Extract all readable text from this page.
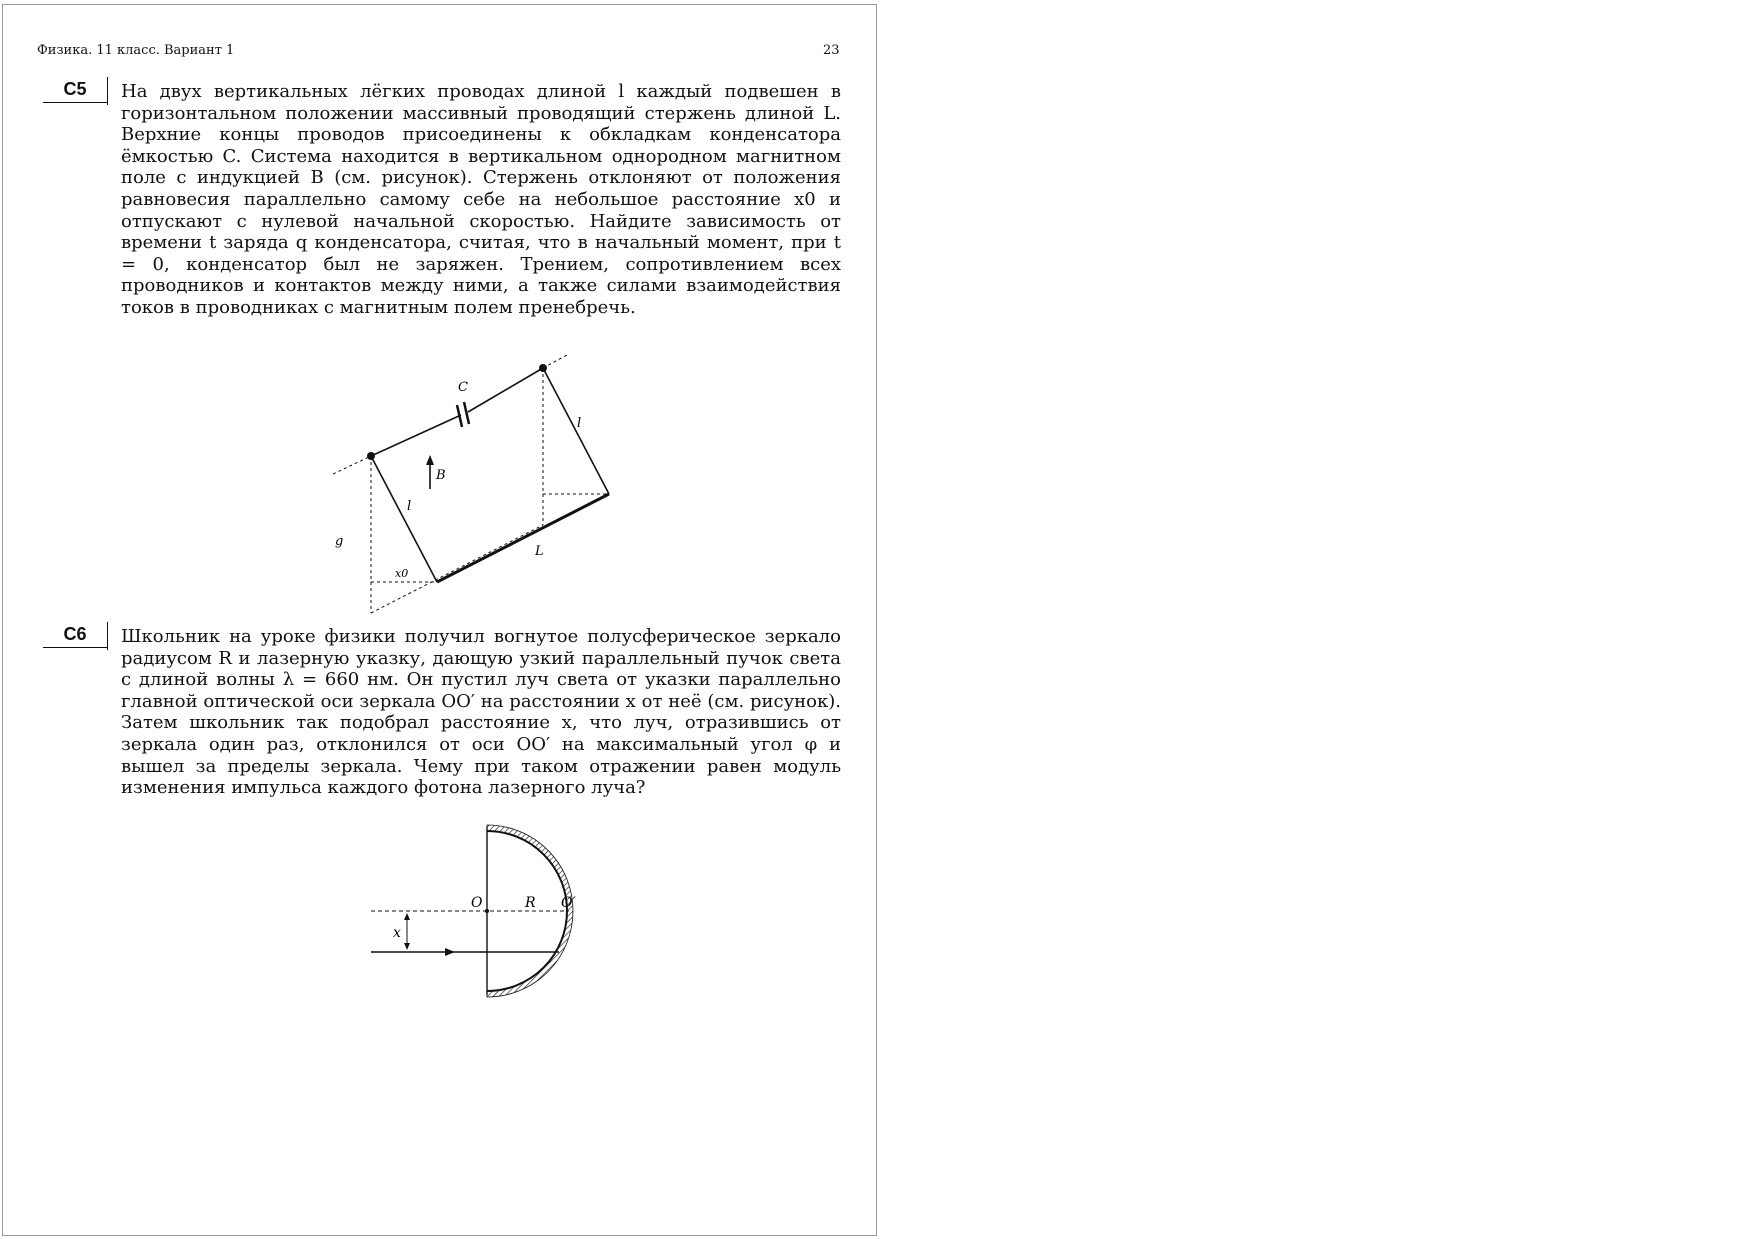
Физика. 11 класс. Вариант 1	23
C5	На двух вертикальных лёгких проводах длиной l каждый подвешен в горизонтальном положении массивный проводящий стержень длиной L. Верхние концы проводов присоединены к обкладкам конденсатора ёмкостью C. Система находится в вертикальном однородном магнитном поле с индукцией B (см. рисунок). Стержень отклоняют от положения равновесия параллельно самому себе на небольшое расстояние x0 и отпускают с нулевой начальной скоростью. Найдите зависимость от времени t заряда q конденсатора, считая, что в начальный момент, при t = 0, конденсатор был не заряжен. Трением, сопротивлением всех проводников и контактов между ними, а также силами взаимодействия токов в проводниках с магнитным полем пренебречь.

C
l
l
L
x0
B
g
C6	Школьник на уроке физики получил вогнутое полусферическое зеркало радиусом R и лазерную указку, дающую узкий параллельный пучок света с длиной волны λ = 660 нм. Он пустил луч света от указки параллельно главной оптической оси зеркала OO′ на расстоянии x от неё (см. рисунок). Затем школьник так подобрал расстояние x, что луч, отразившись от зеркала один раз, отклонился от оси OO′ на максимальный угол φ и вышел за пределы зеркала. Чему при таком отражении равен модуль изменения импульса каждого фотона лазерного луча?

O	R O′
x
